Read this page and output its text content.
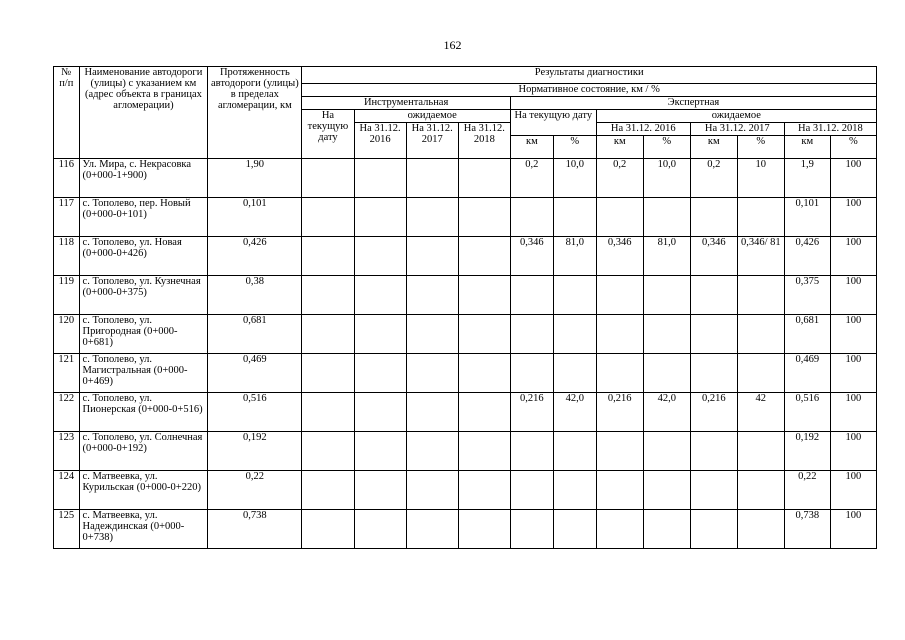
162
№ п/п	Наименование автодороги (улицы) с указанием км (адрес объекта в границах агломерации)	Протяженность автодороги (улицы) в пределах агломерации, км	Результаты диагностики											
			Нормативное состояние, км / %											
			Инструментальная				Экспертная							
			На текущую дату	ожидаемое			На текущую дату		ожидаемое					
				На 31.12. 2016	На 31.12. 2017	На 31.12. 2018			На 31.12. 2016		На 31.12. 2017		На 31.12. 2018	
							км	%	км	%	км	%	км	%
116	Ул. Мира, с. Некрасовка (0+000-1+900)	1,90					0,2	10,0	0,2	10,0	0,2	10	1,9	100
117	с. Тополево, пер. Новый (0+000-0+101)	0,101											0,101	100
118	с. Тополево, ул. Новая (0+000-0+426)	0,426					0,346	81,0	0,346	81,0	0,346	0,346/ 81	0,426	100
119	с. Тополево, ул. Кузнечная (0+000-0+375)	0,38											0,375	100
120	с. Тополево, ул. Пригородная (0+000-0+681)	0,681											0,681	100
121	с. Тополево, ул. Магистральная (0+000-0+469)	0,469											0,469	100
122	с. Тополево, ул. Пионерская (0+000-0+516)	0,516					0,216	42,0	0,216	42,0	0,216	42	0,516	100
123	с. Тополево, ул. Солнечная (0+000-0+192)	0,192											0,192	100
124	с. Матвеевка, ул. Курильская (0+000-0+220)	0,22											0,22	100
125	с. Матвеевка, ул. Надеждинская (0+000-0+738)	0,738											0,738	100
